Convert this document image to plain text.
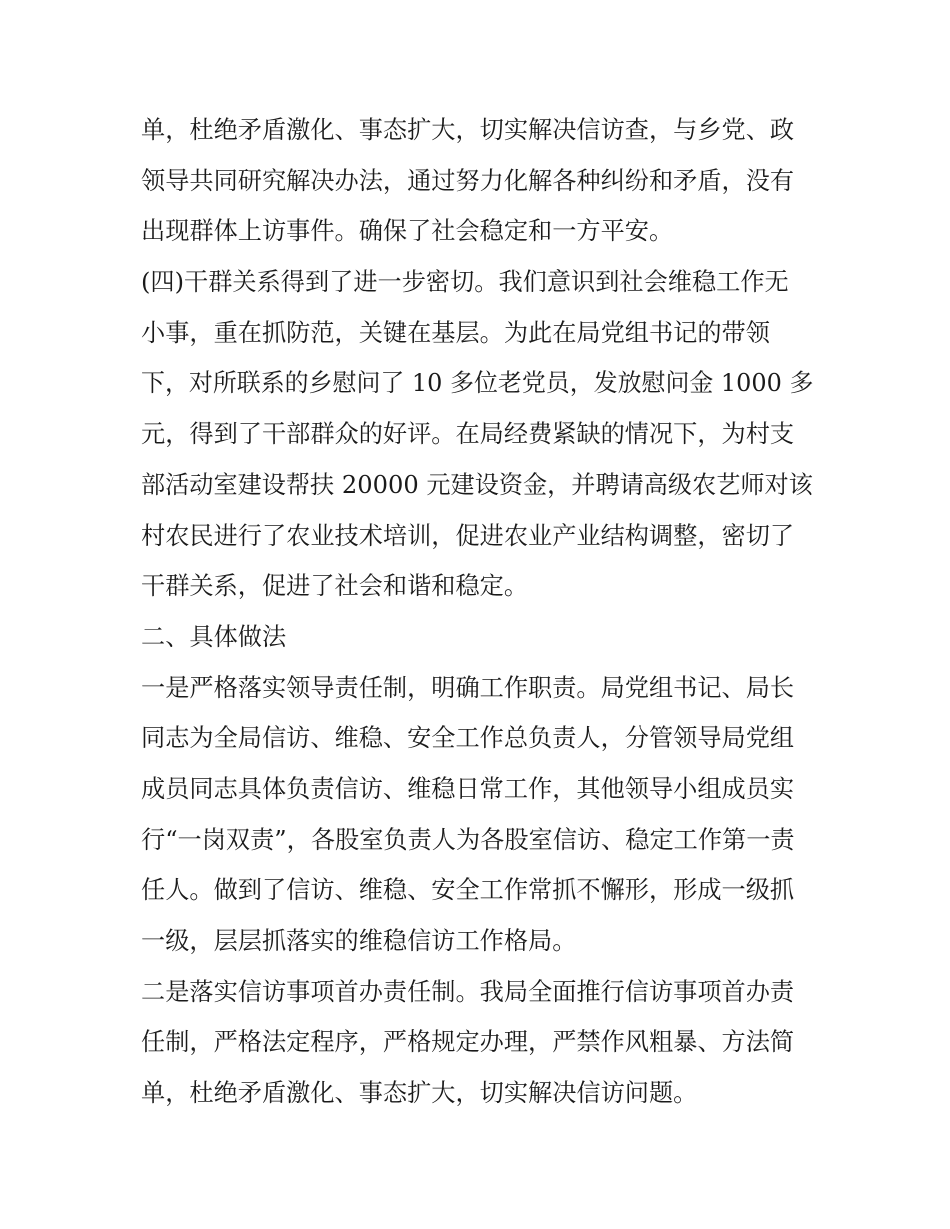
单，杜绝矛盾激化、事态扩大，切实解决信访查，与乡党、政
领导共同研究解决办法，通过努力化解各种纠纷和矛盾，没有
出现群体上访事件。确保了社会稳定和一方平安。
(四)干群关系得到了进一步密切。我们意识到社会维稳工作无
小事，重在抓防范，关键在基层。为此在局党组书记的带领
下，对所联系的乡慰问了 10 多位老党员，发放慰问金 1000 多
元，得到了干部群众的好评。在局经费紧缺的情况下，为村支
部活动室建设帮扶 20000 元建设资金，并聘请高级农艺师对该
村农民进行了农业技术培训，促进农业产业结构调整，密切了
干群关系，促进了社会和谐和稳定。
二、具体做法
一是严格落实领导责任制，明确工作职责。局党组书记、局长
同志为全局信访、维稳、安全工作总负责人，分管领导局党组
成员同志具体负责信访、维稳日常工作，其他领导小组成员实
行“一岗双责”，各股室负责人为各股室信访、稳定工作第一责
任人。做到了信访、维稳、安全工作常抓不懈形，形成一级抓
一级，层层抓落实的维稳信访工作格局。
二是落实信访事项首办责任制。我局全面推行信访事项首办责
任制，严格法定程序，严格规定办理，严禁作风粗暴、方法简
单，杜绝矛盾激化、事态扩大，切实解决信访问题。
